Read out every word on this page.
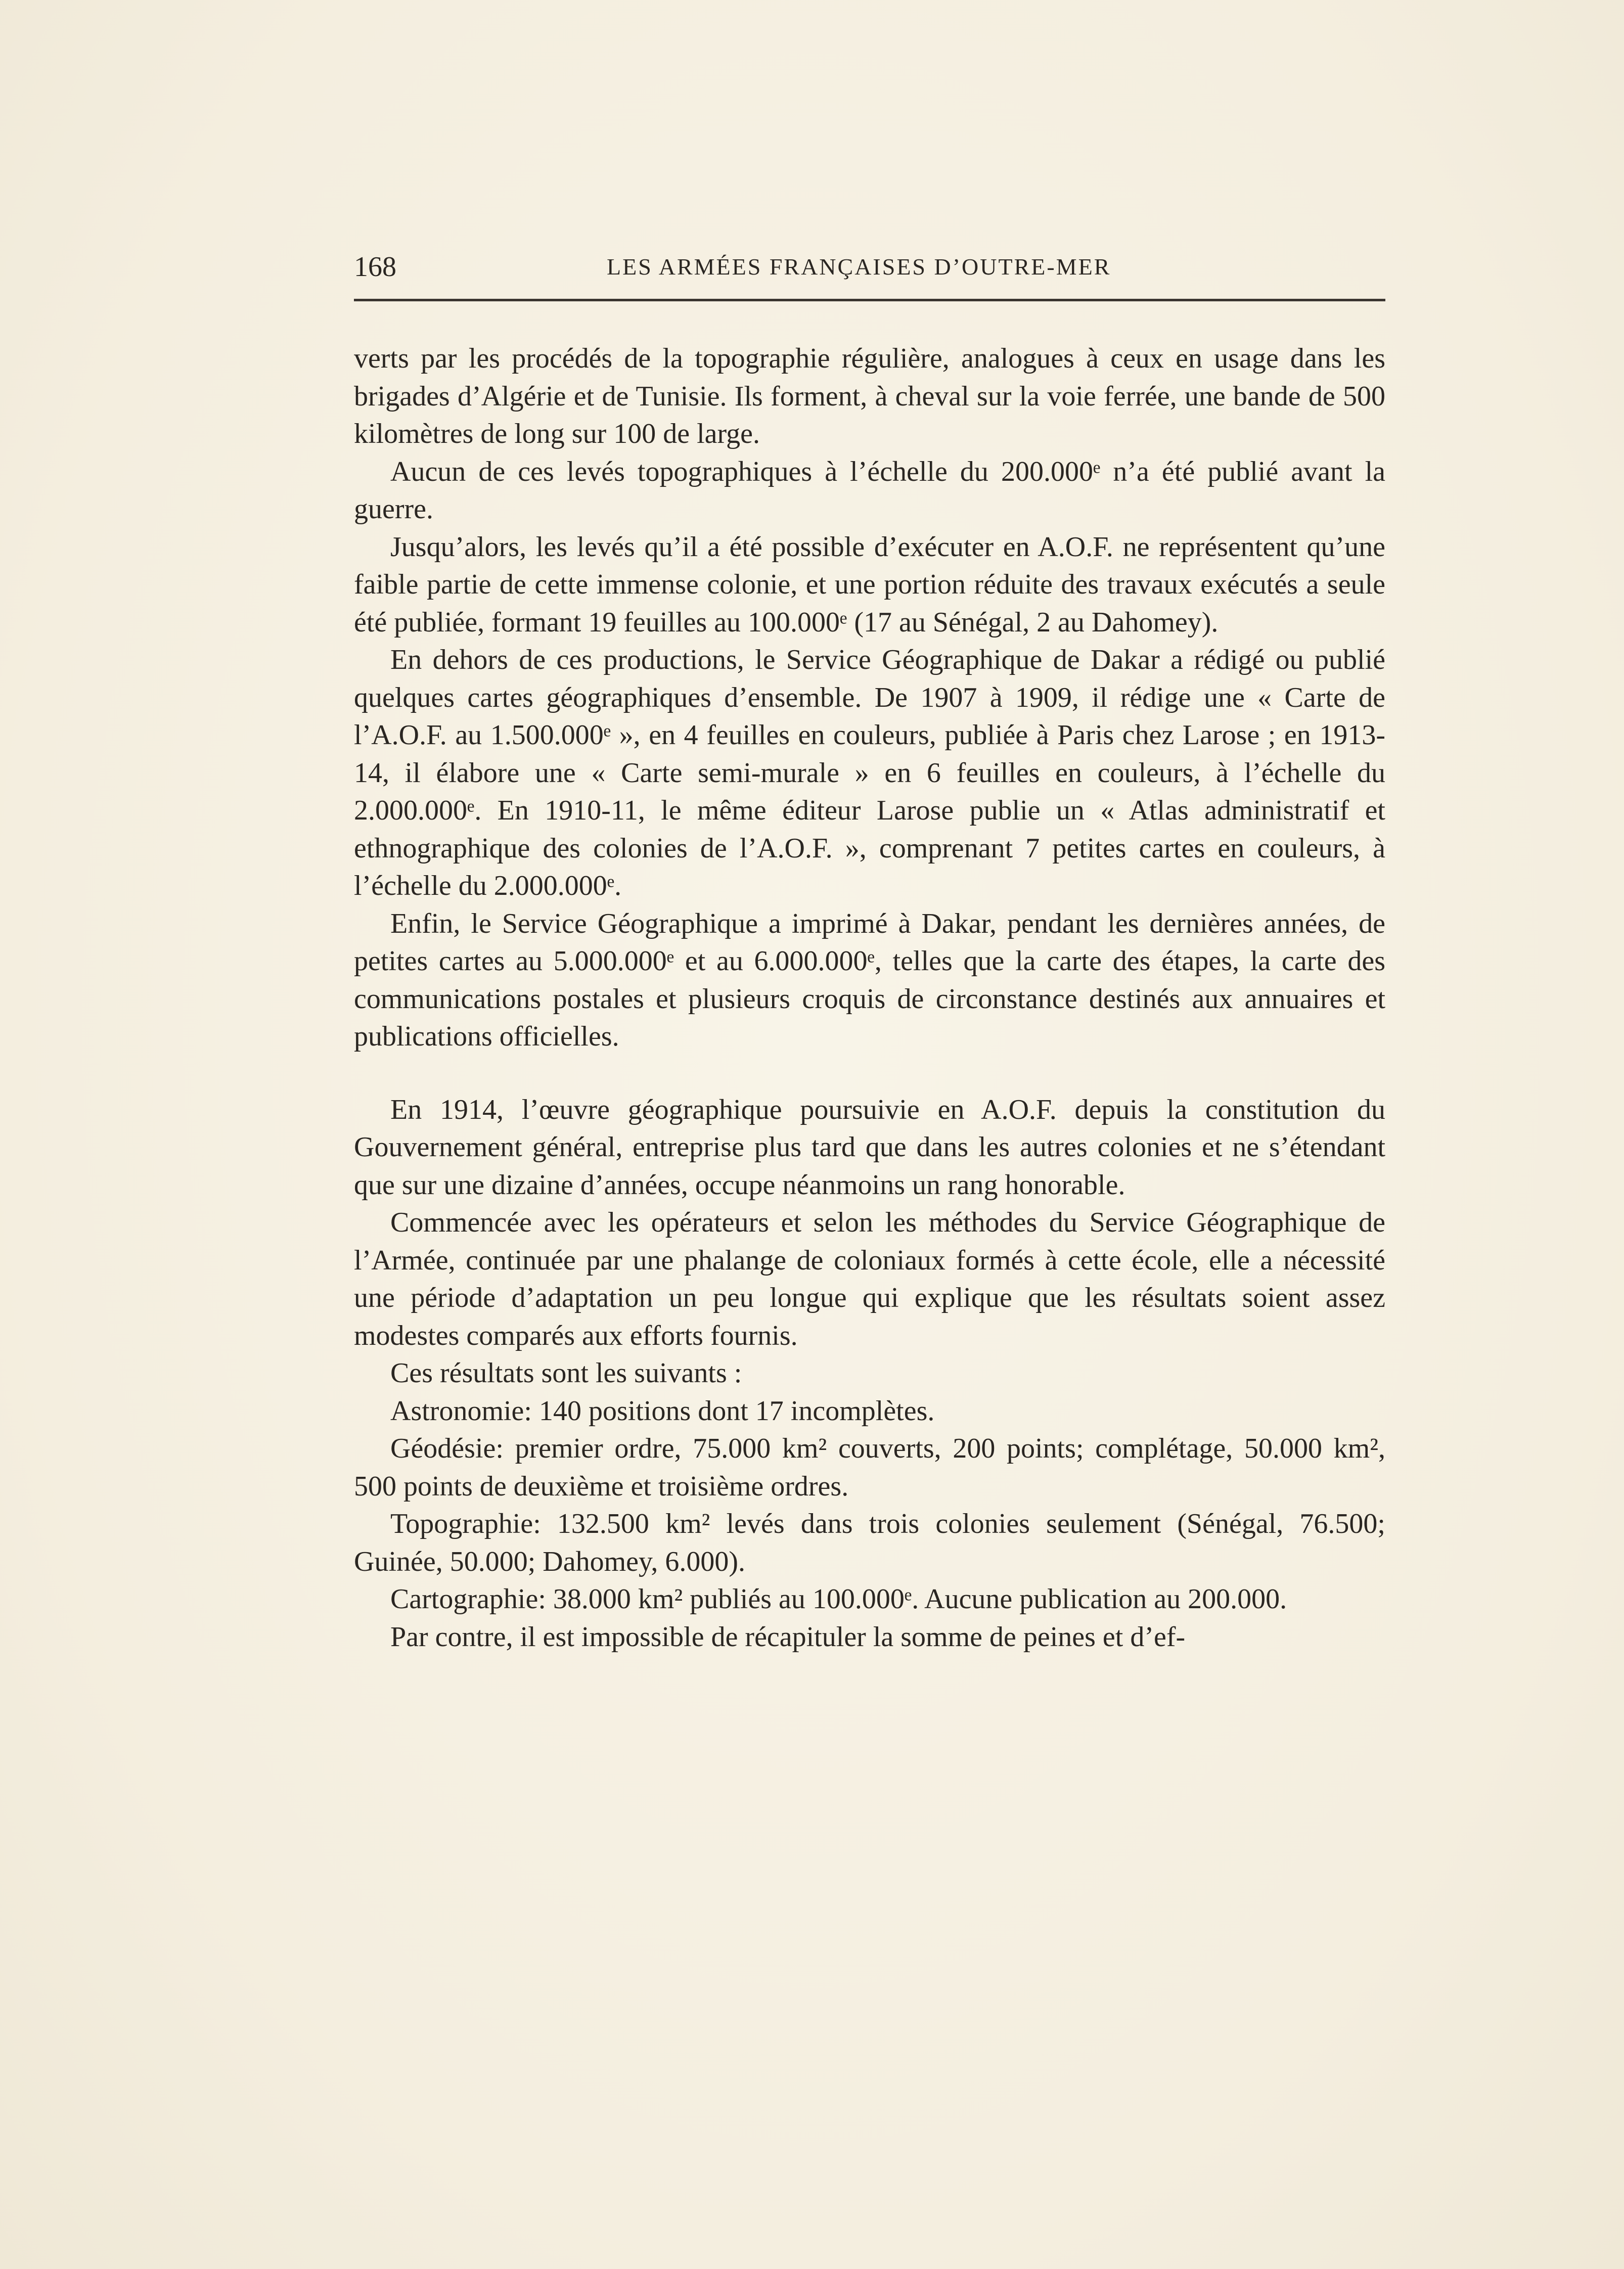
168	LES ARMÉES FRANÇAISES D’OUTRE-MER

verts par les procédés de la topographie régulière, analogues à ceux en usage dans les brigades d’Algérie et de Tunisie. Ils forment, à cheval sur la voie ferrée, une bande de 500 kilomètres de long sur 100 de large.

Aucun de ces levés topographiques à l’échelle du 200.000ᵉ n’a été publié avant la guerre.

Jusqu’alors, les levés qu’il a été possible d’exécuter en A.O.F. ne représentent qu’une faible partie de cette immense colonie, et une portion réduite des travaux exécutés a seule été publiée, formant 19 feuilles au 100.000ᵉ (17 au Sénégal, 2 au Dahomey).

En dehors de ces productions, le Service Géographique de Dakar a rédigé ou publié quelques cartes géographiques d’ensemble. De 1907 à 1909, il rédige une « Carte de l’A.O.F. au 1.500.000ᵉ », en 4 feuilles en couleurs, publiée à Paris chez Larose ; en 1913-14, il élabore une « Carte semi-murale » en 6 feuilles en couleurs, à l’échelle du 2.000.000ᵉ. En 1910-11, le même éditeur Larose publie un « Atlas administratif et ethnographique des colonies de l’A.O.F. », comprenant 7 petites cartes en couleurs, à l’échelle du 2.000.000ᵉ.

Enfin, le Service Géographique a imprimé à Dakar, pendant les dernières années, de petites cartes au 5.000.000ᵉ et au 6.000.000ᵉ, telles que la carte des étapes, la carte des communications postales et plusieurs croquis de circonstance destinés aux annuaires et publications officielles.

En 1914, l’œuvre géographique poursuivie en A.O.F. depuis la constitution du Gouvernement général, entreprise plus tard que dans les autres colonies et ne s’étendant que sur une dizaine d’années, occupe néanmoins un rang honorable.

Commencée avec les opérateurs et selon les méthodes du Service Géographique de l’Armée, continuée par une phalange de coloniaux formés à cette école, elle a nécessité une période d’adaptation un peu longue qui explique que les résultats soient assez modestes comparés aux efforts fournis.

Ces résultats sont les suivants :

Astronomie: 140 positions dont 17 incomplètes.

Géodésie: premier ordre, 75.000 km² couverts, 200 points; complétage, 50.000 km², 500 points de deuxième et troisième ordres.

Topographie: 132.500 km² levés dans trois colonies seulement (Sénégal, 76.500; Guinée, 50.000; Dahomey, 6.000).

Cartographie: 38.000 km² publiés au 100.000ᵉ. Aucune publication au 200.000.

Par contre, il est impossible de récapituler la somme de peines et d’ef-
